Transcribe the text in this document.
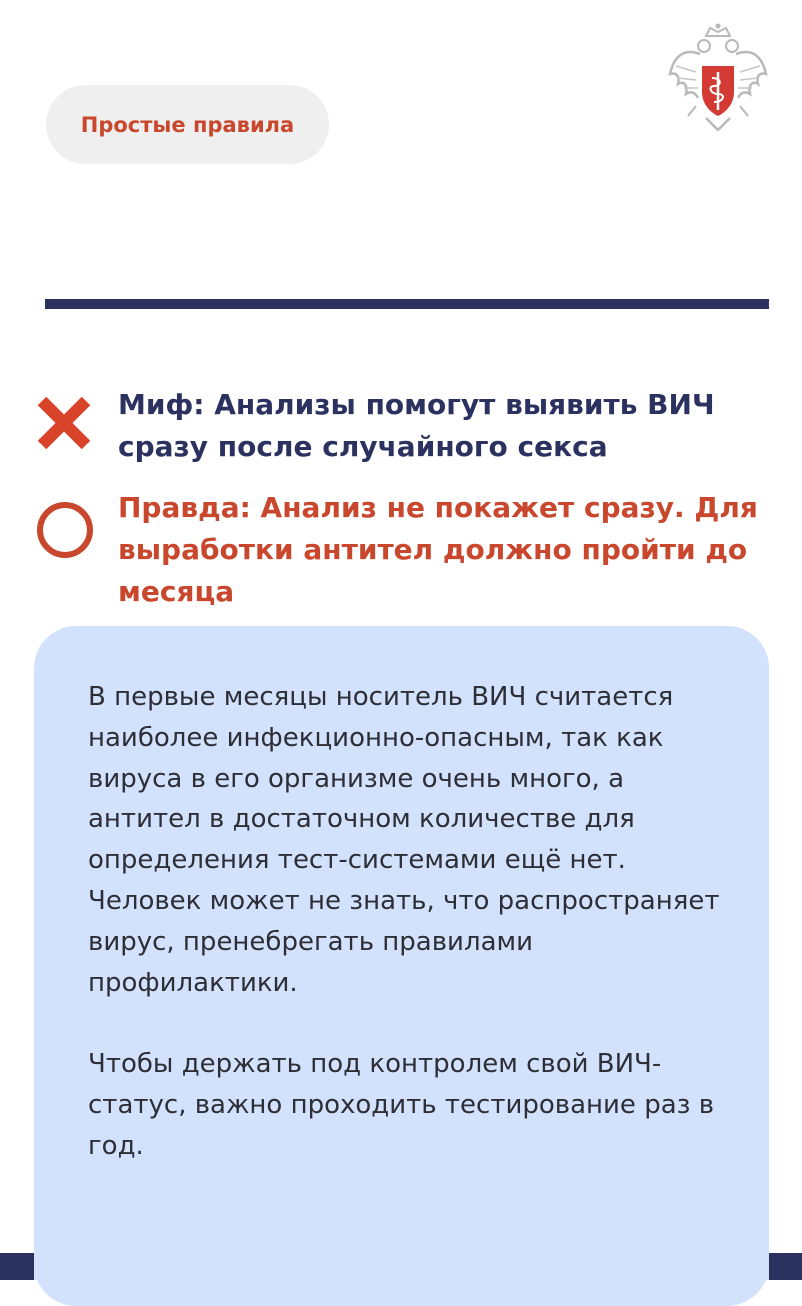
Простые правила
Миф: Анализы помогут выявить ВИЧ сразу после случайного секса
Правда: Анализ не покажет сразу. Для выработки антител должно пройти до месяца

В первые месяцы носитель ВИЧ считается наиболее инфекционно-опасным, так как вируса в его организме очень много, а антител в достаточном количестве для определения тест-системами ещё нет. Человек может не знать, что распространяет вирус, пренебрегать правилами профилактики.

Чтобы держать под контролем свой ВИЧ-статус, важно проходить тестирование раз в год.
